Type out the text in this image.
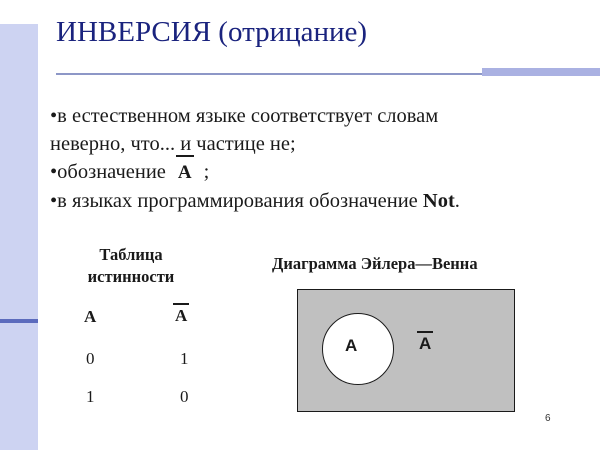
ИНВЕРСИЯ (отрицание)
•в естественном языке соответствует словам
неверно, что... и частице не;
•обозначение A ;
•в языках программирования обозначение Not.
Таблица
истинности
A	A
0	1
1	0
Диаграмма Эйлера—Венна
A	A
6
